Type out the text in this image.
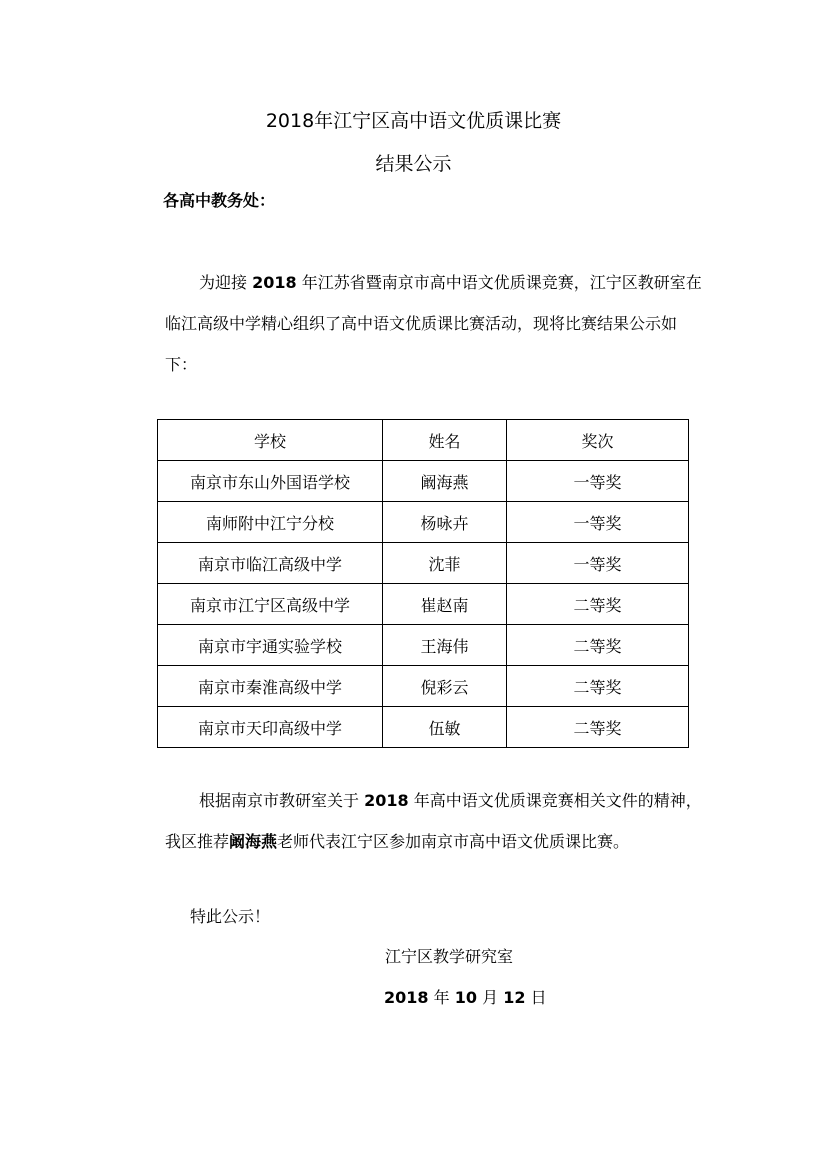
2018年江宁区高中语文优质课比赛
结果公示
各高中教务处：
为迎接 2018 年江苏省暨南京市高中语文优质课竞赛，江宁区教研室在临江高级中学精心组织了高中语文优质课比赛活动，现将比赛结果公示如下：
学校	姓名	奖次
南京市东山外国语学校	阚海燕	一等奖
南师附中江宁分校	杨咏卉	一等奖
南京市临江高级中学	沈菲	一等奖
南京市江宁区高级中学	崔赵南	二等奖
南京市宇通实验学校	王海伟	二等奖
南京市秦淮高级中学	倪彩云	二等奖
南京市天印高级中学	伍敏	二等奖
根据南京市教研室关于 2018 年高中语文优质课竞赛相关文件的精神，我区推荐阚海燕老师代表江宁区参加南京市高中语文优质课比赛。
特此公示！
江宁区教学研究室
2018 年 10 月 12 日
